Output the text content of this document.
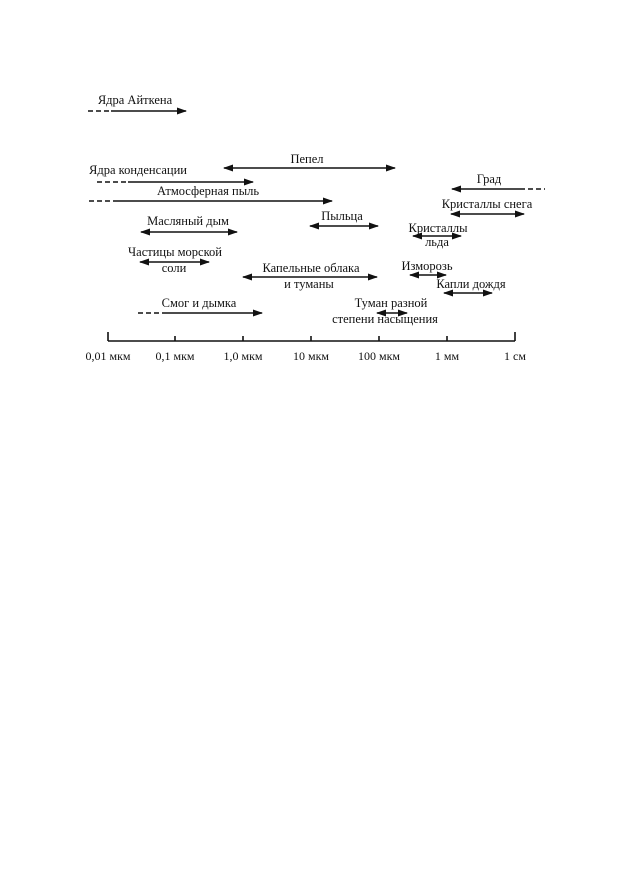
0,01 мкм 0,1 мкм 1,0 мкм	10 мкм 100 мкм	1 мм	1 см
Ядра Айткена
Пепел
Ядра конденсации
Град
Атмосферная пыль
Кристаллы снега
Пыльца
Масляный дым	Кристаллы
льда
Частицы морской
соли	Изморозь
Капельные облака
и туманы	Капли дождя
Смог и дымка	Туман разной
степени насыщения
